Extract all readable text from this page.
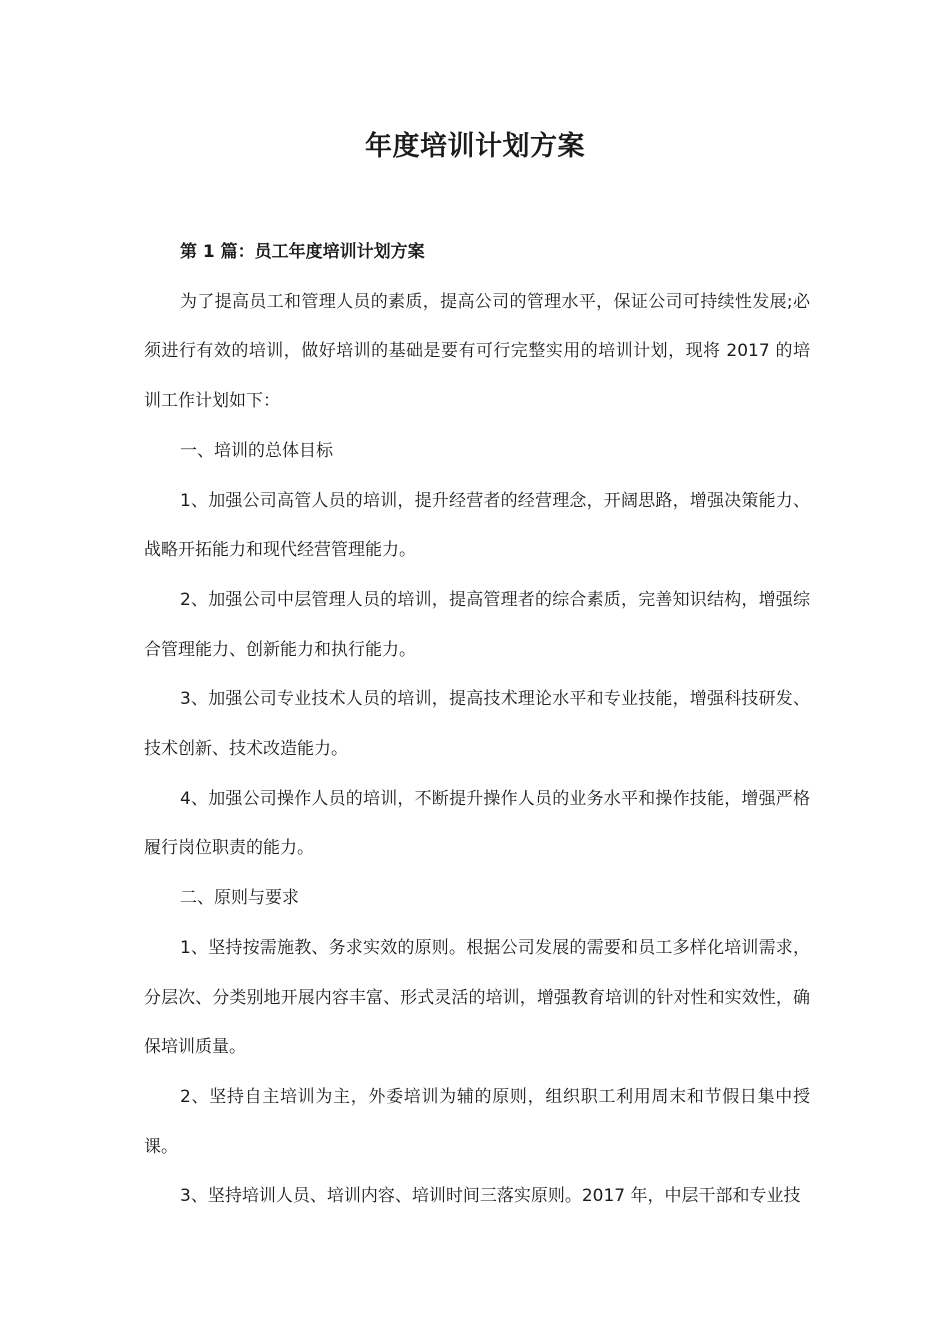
年度培训计划方案

第 1 篇：员工年度培训计划方案

为了提高员工和管理人员的素质，提高公司的管理水平，保证公司可持续性发展;必须进行有效的培训，做好培训的基础是要有可行完整实用的培训计划，现将 2017 的培训工作计划如下：

一、培训的总体目标

1、加强公司高管人员的培训，提升经营者的经营理念，开阔思路，增强决策能力、战略开拓能力和现代经营管理能力。

2、加强公司中层管理人员的培训，提高管理者的综合素质，完善知识结构，增强综合管理能力、创新能力和执行能力。

3、加强公司专业技术人员的培训，提高技术理论水平和专业技能，增强科技研发、技术创新、技术改造能力。

4、加强公司操作人员的培训，不断提升操作人员的业务水平和操作技能，增强严格履行岗位职责的能力。

二、原则与要求

1、坚持按需施教、务求实效的原则。根据公司发展的需要和员工多样化培训需求，分层次、分类别地开展内容丰富、形式灵活的培训，增强教育培训的针对性和实效性，确保培训质量。

2、坚持自主培训为主，外委培训为辅的原则，组织职工利用周末和节假日集中授课。

3、坚持培训人员、培训内容、培训时间三落实原则。2017 年，中层干部和专业技
